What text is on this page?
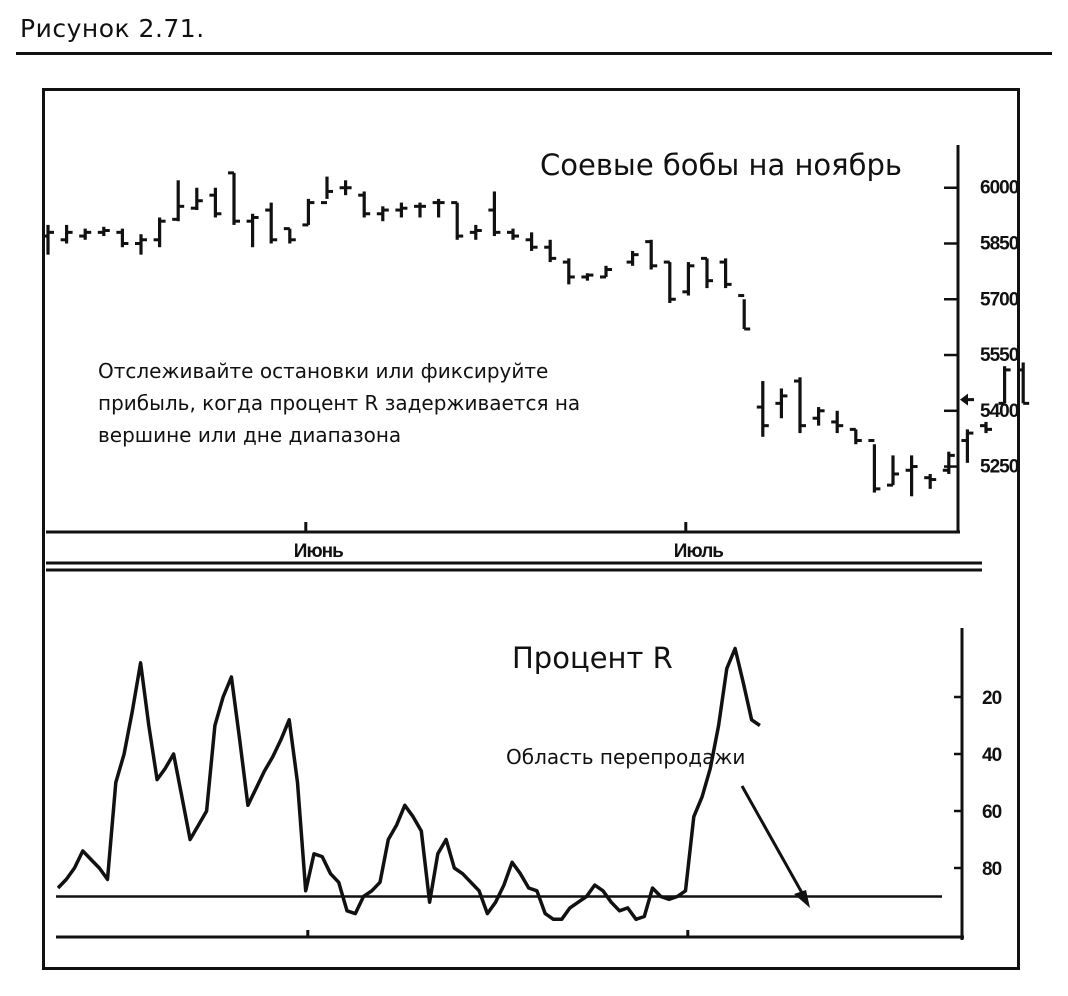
Рисунок 2.71.
Соевые бобы на ноябрь
Отслеживайте остановки или фиксируйте
прибыль, когда процент R задерживается на
вершине или дне диапазона
6000
5850
5700
5550
5400
5250
Июнь	Июль
Процент R
Область перепродажи
20
40
60
80
